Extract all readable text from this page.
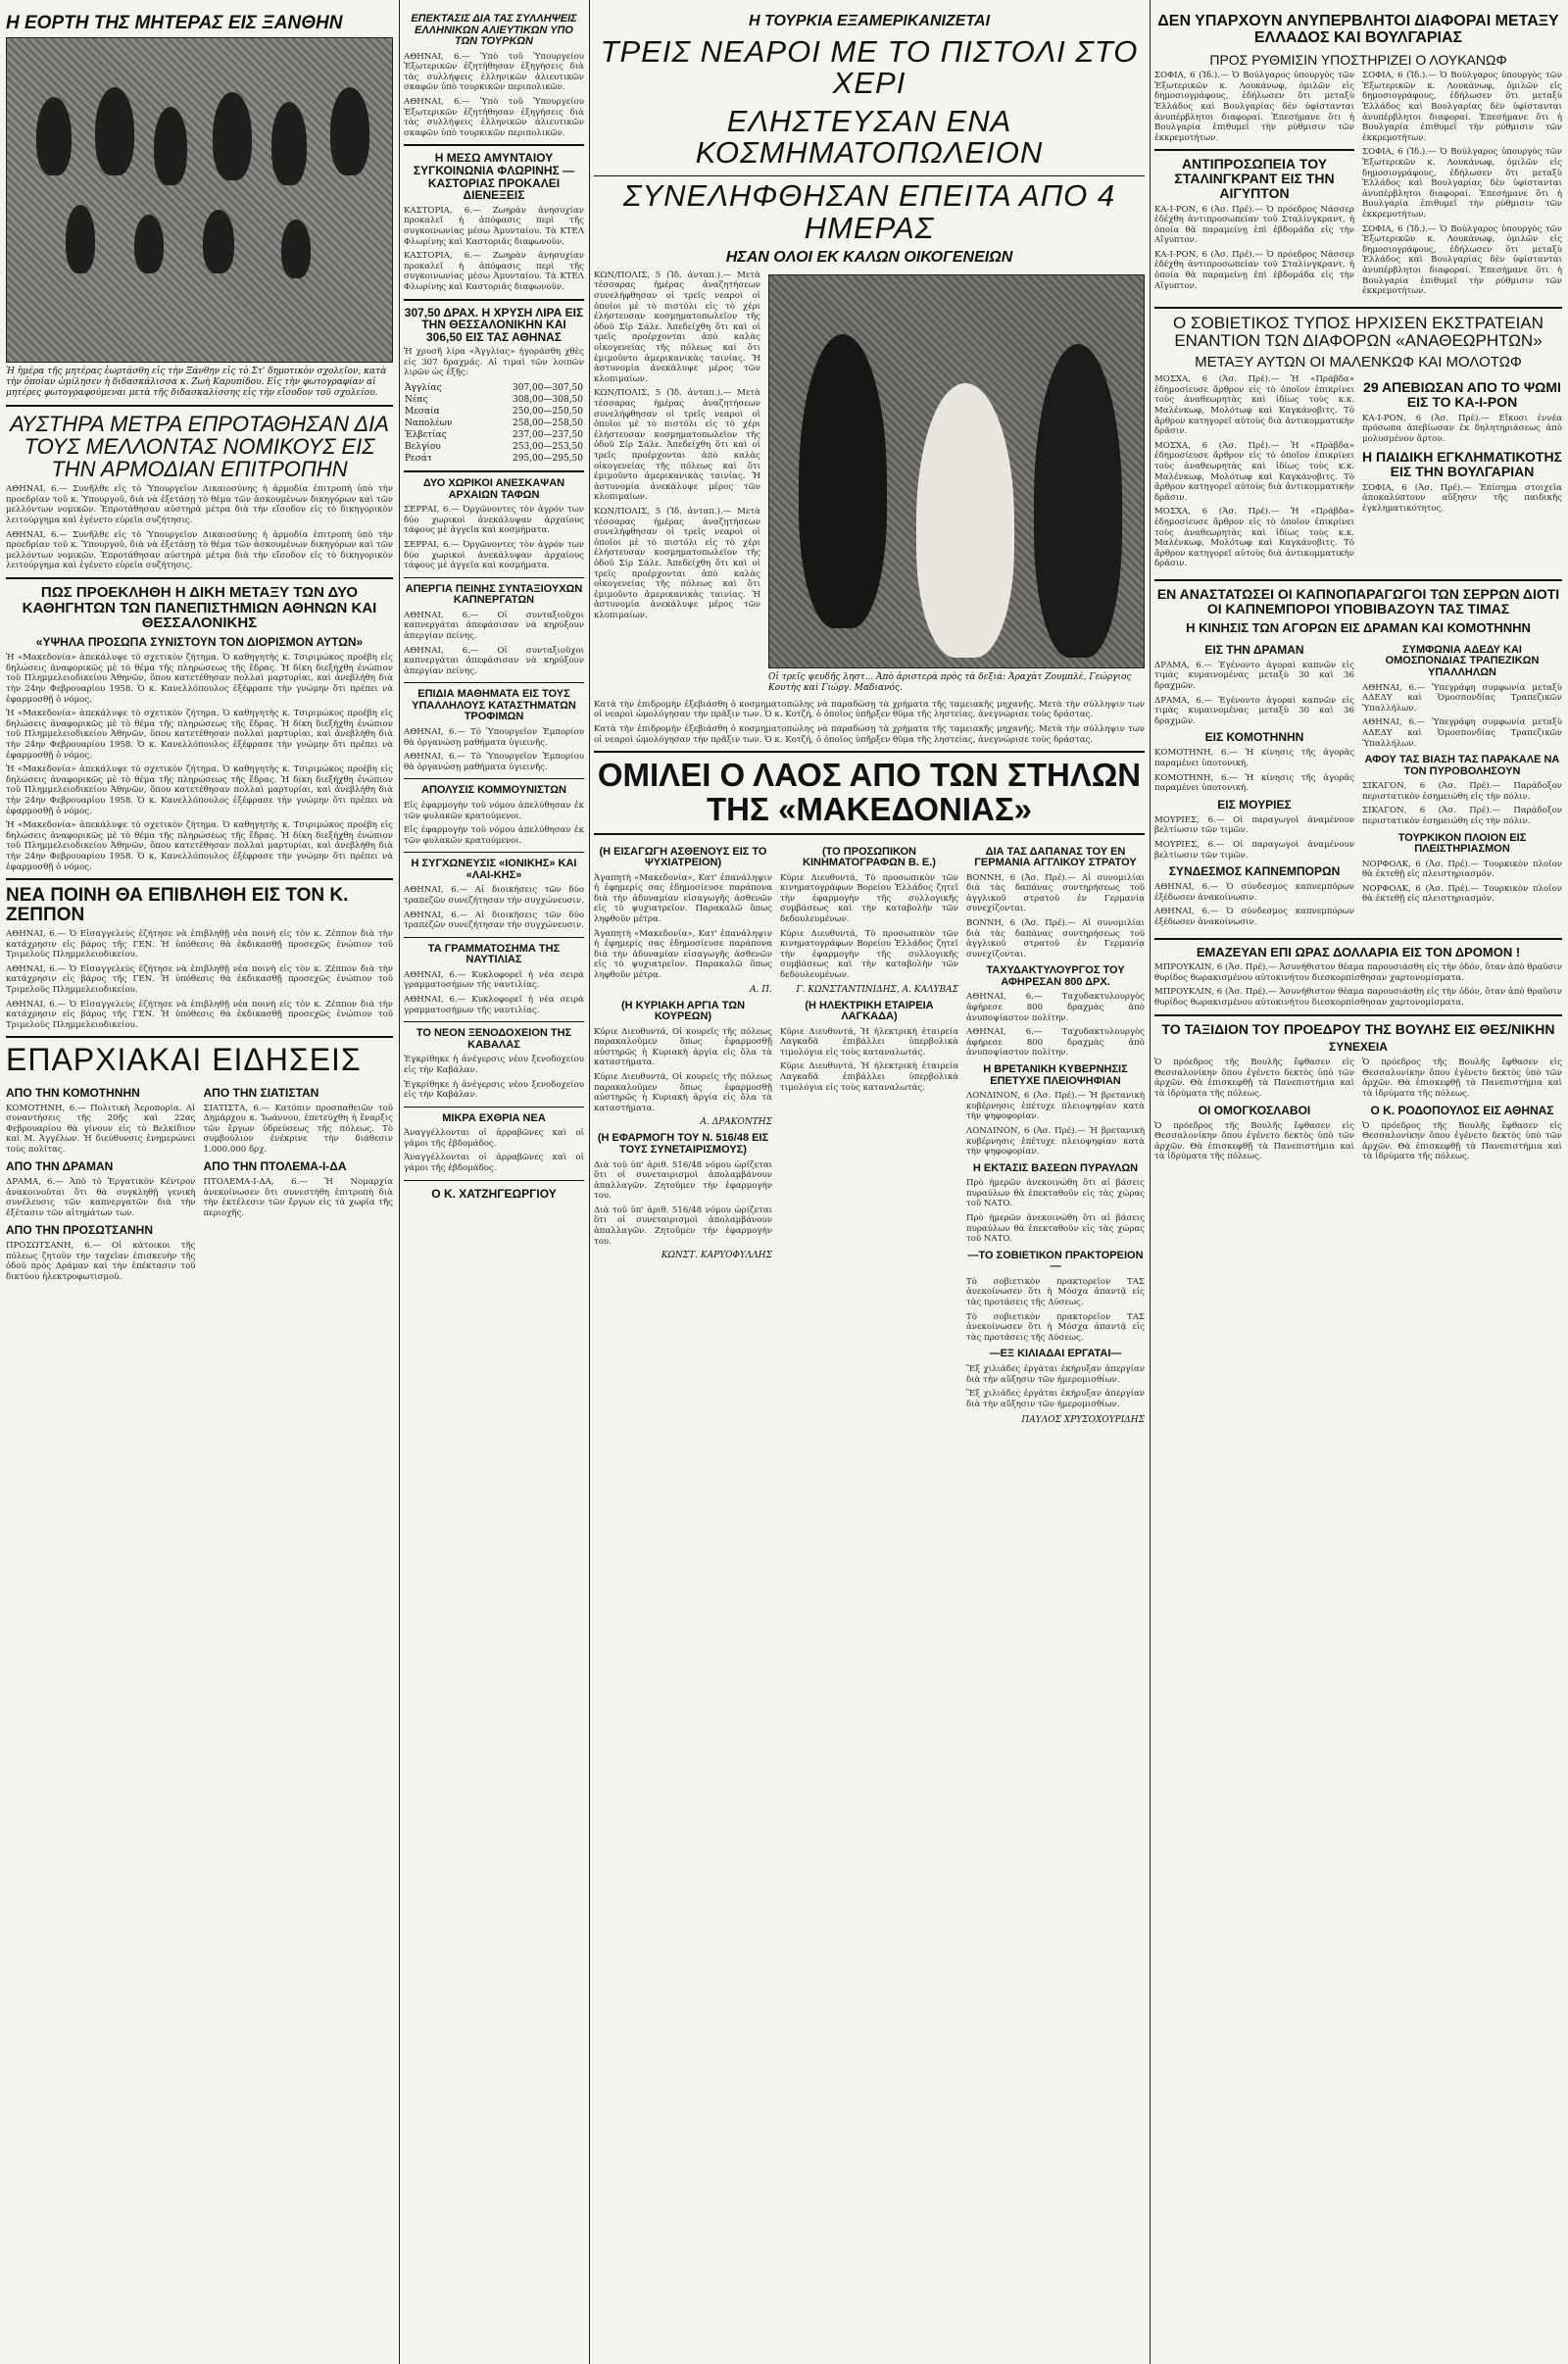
Η ΕΟΡΤΗ ΤΗΣ ΜΗΤΕΡΑΣ ΕΙΣ ΞΑΝΘΗΝ
Ἡ ἡμέρα τῆς μητέρας ἑωρτάσθη εἰς τὴν Ξάνθην εἰς τὸ Στ' δημοτικὸν σχολεῖον, κατὰ τὴν ὁποίαν ὡμίλησεν ἡ διδασκάλισσα κ. Ζωὴ Καρυπίδου. Εἰς τὴν φωτογραφίαν αἱ μητέρες φωτογραφούμεναι μετὰ τῆς διδασκαλίσσης εἰς τὴν εἴσοδον τοῦ σχολείου.
ΑΥΣΤΗΡΑ ΜΕΤΡΑ ΕΠΡΟΤΑΘΗΣΑΝ ΔΙΑ ΤΟΥΣ ΜΕΛΛΟΝΤΑΣ ΝΟΜΙΚΟΥΣ ΕΙΣ ΤΗΝ ΑΡΜΟΔΙΑΝ ΕΠΙΤΡΟΠΗΝ

ΑΘΗΝΑΙ, 6.— Συνῆλθε εἰς τὸ Ὑπουργεῖον Δικαιοσύνης ἡ ἀρμοδία ἐπιτροπὴ ὑπὸ τὴν προεδρίαν τοῦ κ. Ὑπουργοῦ, διὰ νὰ ἐξετάσῃ τὸ θέμα τῶν ἀσκουμένων δικηγόρων καὶ τῶν μελλόντων νομικῶν. Ἐπροτάθησαν αὐστηρὰ μέτρα διὰ τὴν εἴσοδον εἰς τὸ δικηγορικὸν λειτούργημα καὶ ἐγένετο εὐρεῖα συζήτησις.

ΑΘΗΝΑΙ, 6.— Συνῆλθε εἰς τὸ Ὑπουργεῖον Δικαιοσύνης ἡ ἀρμοδία ἐπιτροπὴ ὑπὸ τὴν προεδρίαν τοῦ κ. Ὑπουργοῦ, διὰ νὰ ἐξετάσῃ τὸ θέμα τῶν ἀσκουμένων δικηγόρων καὶ τῶν μελλόντων νομικῶν. Ἐπροτάθησαν αὐστηρὰ μέτρα διὰ τὴν εἴσοδον εἰς τὸ δικηγορικὸν λειτούργημα καὶ ἐγένετο εὐρεῖα συζήτησις.

ΠΩΣ ΠΡΟΕΚΛΗΘΗ Η ΔΙΚΗ ΜΕΤΑΞΥ ΤΩΝ ΔΥΟ ΚΑΘΗΓΗΤΩΝ ΤΩΝ ΠΑΝΕΠΙΣΤΗΜΙΩΝ ΑΘΗΝΩΝ ΚΑΙ ΘΕΣΣΑΛΟΝΙΚΗΣ
«ΥΨΗΛΑ ΠΡΟΣΩΠΑ ΣΥΝΙΣΤΟΥΝ ΤΟΝ ΔΙΟΡΙΣΜΟΝ ΑΥΤΩΝ»

Ἡ «Μακεδονία» ἀπεκάλυψε τὸ σχετικὸν ζήτημα. Ὁ καθηγητὴς κ. Τσιριμώκος προέβη εἰς δηλώσεις ἀναφορικῶς μὲ τὸ θέμα τῆς πληρώσεως τῆς ἕδρας. Ἡ δίκη διεξήχθη ἐνώπιον τοῦ Πλημμελειοδικείου Ἀθηνῶν, ὅπου κατετέθησαν πολλαὶ μαρτυρίαι, καὶ ἀνεβλήθη διὰ τὴν 24ην Φεβρουαρίου 1958. Ὁ κ. Κανελλόπουλος ἐξέφρασε τὴν γνώμην ὅτι πρέπει νὰ ἐφαρμοσθῇ ὁ νόμος.

Ἡ «Μακεδονία» ἀπεκάλυψε τὸ σχετικὸν ζήτημα. Ὁ καθηγητὴς κ. Τσιριμώκος προέβη εἰς δηλώσεις ἀναφορικῶς μὲ τὸ θέμα τῆς πληρώσεως τῆς ἕδρας. Ἡ δίκη διεξήχθη ἐνώπιον τοῦ Πλημμελειοδικείου Ἀθηνῶν, ὅπου κατετέθησαν πολλαὶ μαρτυρίαι, καὶ ἀνεβλήθη διὰ τὴν 24ην Φεβρουαρίου 1958. Ὁ κ. Κανελλόπουλος ἐξέφρασε τὴν γνώμην ὅτι πρέπει νὰ ἐφαρμοσθῇ ὁ νόμος.

Ἡ «Μακεδονία» ἀπεκάλυψε τὸ σχετικὸν ζήτημα. Ὁ καθηγητὴς κ. Τσιριμώκος προέβη εἰς δηλώσεις ἀναφορικῶς μὲ τὸ θέμα τῆς πληρώσεως τῆς ἕδρας. Ἡ δίκη διεξήχθη ἐνώπιον τοῦ Πλημμελειοδικείου Ἀθηνῶν, ὅπου κατετέθησαν πολλαὶ μαρτυρίαι, καὶ ἀνεβλήθη διὰ τὴν 24ην Φεβρουαρίου 1958. Ὁ κ. Κανελλόπουλος ἐξέφρασε τὴν γνώμην ὅτι πρέπει νὰ ἐφαρμοσθῇ ὁ νόμος.

Ἡ «Μακεδονία» ἀπεκάλυψε τὸ σχετικὸν ζήτημα. Ὁ καθηγητὴς κ. Τσιριμώκος προέβη εἰς δηλώσεις ἀναφορικῶς μὲ τὸ θέμα τῆς πληρώσεως τῆς ἕδρας. Ἡ δίκη διεξήχθη ἐνώπιον τοῦ Πλημμελειοδικείου Ἀθηνῶν, ὅπου κατετέθησαν πολλαὶ μαρτυρίαι, καὶ ἀνεβλήθη διὰ τὴν 24ην Φεβρουαρίου 1958. Ὁ κ. Κανελλόπουλος ἐξέφρασε τὴν γνώμην ὅτι πρέπει νὰ ἐφαρμοσθῇ ὁ νόμος.

ΝΕΑ ΠΟΙΝΗ ΘΑ ΕΠΙΒΛΗΘΗ ΕΙΣ ΤΟΝ Κ. ΖΕΠΠΟΝ

ΑΘΗΝΑΙ, 6.— Ὁ Εἰσαγγελεὺς ἐζήτησε νὰ ἐπιβληθῇ νέα ποινὴ εἰς τὸν κ. Ζέππον διὰ τὴν κατάχρησιν εἰς βάρος τῆς ΓΕΝ. Ἡ ὑπόθεσις θὰ ἐκδικασθῇ προσεχῶς ἐνώπιον τοῦ Τριμελοῦς Πλημμελειοδικείου.

ΑΘΗΝΑΙ, 6.— Ὁ Εἰσαγγελεὺς ἐζήτησε νὰ ἐπιβληθῇ νέα ποινὴ εἰς τὸν κ. Ζέππον διὰ τὴν κατάχρησιν εἰς βάρος τῆς ΓΕΝ. Ἡ ὑπόθεσις θὰ ἐκδικασθῇ προσεχῶς ἐνώπιον τοῦ Τριμελοῦς Πλημμελειοδικείου.

ΑΘΗΝΑΙ, 6.— Ὁ Εἰσαγγελεὺς ἐζήτησε νὰ ἐπιβληθῇ νέα ποινὴ εἰς τὸν κ. Ζέππον διὰ τὴν κατάχρησιν εἰς βάρος τῆς ΓΕΝ. Ἡ ὑπόθεσις θὰ ἐκδικασθῇ προσεχῶς ἐνώπιον τοῦ Τριμελοῦς Πλημμελειοδικείου.

ΕΠΑΡΧΙΑΚΑΙ ΕΙΔΗΣΕΙΣ
ΑΠΟ ΤΗΝ ΚΟΜΟΤΗΝΗΝ

ΚΟΜΟΤΗΝΗ, 6.— Πολιτικὴ Ἀεροπορία. Αἱ συναντήσεις τῆς 20ῆς καὶ 22ας Φεβρουαρίου θὰ γίνουν εἰς τὸ Βελκίδιον καὶ Μ. Ἀγγέλων. Ἡ διεύθυνσις ἐνημερώνει τοὺς πολίτας.

ΑΠΟ ΤΗΝ ΔΡΑΜΑΝ

ΔΡΑΜΑ, 6.— Ἀπὸ τὸ Ἐργατικὸν Κέντρον ἀνακοινοῦται ὅτι θὰ συγκληθῇ γενικὴ συνέλευσις τῶν καπνεργατῶν διὰ τὴν ἐξέτασιν τῶν αἰτημάτων των.

ΑΠΟ ΤΗΝ ΠΡΟΣΩΤΣΑΝΗΝ

ΠΡΟΣΩΤΣΑΝΗ, 6.— Οἱ κάτοικοι τῆς πόλεως ζητοῦν τὴν ταχεῖαν ἐπισκευὴν τῆς ὁδοῦ πρὸς Δράμαν καὶ τὴν ἐπέκτασιν τοῦ δικτύου ἠλεκτροφωτισμοῦ.

ΑΠΟ ΤΗΝ ΣΙΑΤΙΣΤΑΝ

ΣΙΑΤΙΣΤΑ, 6.— Κατόπιν προσπαθειῶν τοῦ Δημάρχου κ. Ἰωάννου, ἐπετεύχθη ἡ ἔναρξις τῶν ἔργων ὑδρεύσεως τῆς πόλεως. Τὸ συμβούλιον ἐνέκρινε τὴν διάθεσιν 1.000.000 δρχ.

ΑΠΟ ΤΗΝ ΠΤΟΛΕΜΑ-Ι-ΔΑ

ΠΤΟΛΕΜΑ-Ι-ΔΑ, 6.— Ἡ Νομαρχία ἀνεκοίνωσεν ὅτι συνεστήθη ἐπιτροπὴ διὰ τὴν ἐκτέλεσιν τῶν ἔργων εἰς τὰ χωρία τῆς περιοχῆς.

ΕΠΕΚΤΑΣΙΣ ΔΙΑ ΤΑΣ ΣΥΛΛΗΨΕΙΣ ΕΛΛΗΝΙΚΩΝ ΑΛΙΕΥΤΙΚΩΝ ΥΠΟ ΤΩΝ ΤΟΥΡΚΩΝ

ΑΘΗΝΑΙ, 6.— Ὑπὸ τοῦ Ὑπουργείου Ἐξωτερικῶν ἐζητήθησαν ἐξηγήσεις διὰ τὰς συλλήψεις ἑλληνικῶν ἀλιευτικῶν σκαφῶν ὑπὸ τουρκικῶν περιπολικῶν.

ΑΘΗΝΑΙ, 6.— Ὑπὸ τοῦ Ὑπουργείου Ἐξωτερικῶν ἐζητήθησαν ἐξηγήσεις διὰ τὰς συλλήψεις ἑλληνικῶν ἀλιευτικῶν σκαφῶν ὑπὸ τουρκικῶν περιπολικῶν.

Η ΜΕΣΩ ΑΜΥΝΤΑΙΟΥ ΣΥΓΚΟΙΝΩΝΙΑ ΦΛΩΡΙΝΗΣ — ΚΑΣΤΟΡΙΑΣ ΠΡΟΚΑΛΕΙ ΔΙΕΝΕΞΕΙΣ

ΚΑΣΤΟΡΙΑ, 6.— Ζωηρὰν ἀνησυχίαν προκαλεῖ ἡ ἀπόφασις περὶ τῆς συγκοινωνίας μέσω Ἀμυνταίου. Τὰ ΚΤΕΛ Φλωρίνης καὶ Καστοριᾶς διαφωνοῦν.

ΚΑΣΤΟΡΙΑ, 6.— Ζωηρὰν ἀνησυχίαν προκαλεῖ ἡ ἀπόφασις περὶ τῆς συγκοινωνίας μέσω Ἀμυνταίου. Τὰ ΚΤΕΛ Φλωρίνης καὶ Καστοριᾶς διαφωνοῦν.

307,50 ΔΡΑΧ. Η ΧΡΥΣΗ ΛΙΡΑ ΕΙΣ ΤΗΝ ΘΕΣΣΑΛΟΝΙΚΗΝ ΚΑΙ 306,50 ΕΙΣ ΤΑΣ ΑΘΗΝΑΣ

Ἡ χρυσῆ λίρα «Ἀγγλίας» ἠγοράσθη χθὲς εἰς 307 δραχμάς. Αἱ τιμαὶ τῶν λοιπῶν λιρῶν ὡς ἑξῆς:

Ἀγγλίας	307,00—307,50
Νέας	308,00—308,50
Μεσαία	250,00—250,50
Ναπολέων	258,00—258,50
Ἑλβετίας	237,00—237,50
Βελγίου	253,00—253,50
Ρεσάτ	295,00—295,50
ΔΥΟ ΧΩΡΙΚΟΙ ΑΝΕΣΚΑΨΑΝ ΑΡΧΑΙΩΝ ΤΑΦΩΝ

ΣΕΡΡΑΙ, 6.— Ὀργῶνοντες τὸν ἀγρόν των δύο χωρικοὶ ἀνεκάλυψαν ἀρχαίους τάφους μὲ ἀγγεῖα καὶ κοσμήματα.

ΣΕΡΡΑΙ, 6.— Ὀργῶνοντες τὸν ἀγρόν των δύο χωρικοὶ ἀνεκάλυψαν ἀρχαίους τάφους μὲ ἀγγεῖα καὶ κοσμήματα.

ΑΠΕΡΓΙΑ ΠΕΙΝΗΣ ΣΥΝΤΑΞΙΟΥΧΩΝ ΚΑΠΝΕΡΓΑΤΩΝ

ΑΘΗΝΑΙ, 6.— Οἱ συνταξιοῦχοι καπνεργάται ἀπεφάσισαν νὰ κηρύξουν ἀπεργίαν πείνης.

ΑΘΗΝΑΙ, 6.— Οἱ συνταξιοῦχοι καπνεργάται ἀπεφάσισαν νὰ κηρύξουν ἀπεργίαν πείνης.

ΕΠΙΔΙΑ ΜΑΘΗΜΑΤΑ ΕΙΣ ΤΟΥΣ ΥΠΑΛΛΗΛΟΥΣ ΚΑΤΑΣΤΗΜΑΤΩΝ ΤΡΟΦΙΜΩΝ

ΑΘΗΝΑΙ, 6.— Τὸ Ὑπουργεῖον Ἐμπορίου θὰ ὀργανώσῃ μαθήματα ὑγιεινῆς.

ΑΘΗΝΑΙ, 6.— Τὸ Ὑπουργεῖον Ἐμπορίου θὰ ὀργανώσῃ μαθήματα ὑγιεινῆς.

ΑΠΟΛΥΣΙΣ ΚΟΜΜΟΥΝΙΣΤΩΝ

Εἰς ἐφαρμογὴν τοῦ νόμου ἀπελύθησαν ἐκ τῶν φυλακῶν κρατούμενοι.

Εἰς ἐφαρμογὴν τοῦ νόμου ἀπελύθησαν ἐκ τῶν φυλακῶν κρατούμενοι.

Η ΣΥΓΧΩΝΕΥΣΙΣ «ΙΟΝΙΚΗΣ» ΚΑΙ «ΛΑΙ-ΚΗΣ»

ΑΘΗΝΑΙ, 6.— Αἱ διοικήσεις τῶν δύο τραπεζῶν συνεζήτησαν τὴν συγχώνευσιν.

ΑΘΗΝΑΙ, 6.— Αἱ διοικήσεις τῶν δύο τραπεζῶν συνεζήτησαν τὴν συγχώνευσιν.

ΤΑ ΓΡΑΜΜΑΤΟΣΗΜΑ ΤΗΣ ΝΑΥΤΙΛΙΑΣ

ΑΘΗΝΑΙ, 6.— Κυκλοφορεῖ ἡ νέα σειρὰ γραμματοσήμων τῆς ναυτιλίας.

ΑΘΗΝΑΙ, 6.— Κυκλοφορεῖ ἡ νέα σειρὰ γραμματοσήμων τῆς ναυτιλίας.

ΤΟ ΝΕΟΝ ΞΕΝΟΔΟΧΕΙΟΝ ΤΗΣ ΚΑΒΑΛΑΣ

Ἐγκρίθηκε ἡ ἀνέγερσις νέου ξενοδοχείου εἰς τὴν Καβάλαν.

Ἐγκρίθηκε ἡ ἀνέγερσις νέου ξενοδοχείου εἰς τὴν Καβάλαν.

ΜΙΚΡΑ ΕΧΘΡΙΑ ΝΕΑ

Ἀναγγέλλονται οἱ ἀρραβῶνες καὶ οἱ γάμοι τῆς ἑβδομάδος.

Ἀναγγέλλονται οἱ ἀρραβῶνες καὶ οἱ γάμοι τῆς ἑβδομάδος.

Ο Κ. ΧΑΤΖΗΓΕΩΡΓΙΟΥ
Η ΤΟΥΡΚΙΑ ΕΞΑΜΕΡΙΚΑΝΙΖΕΤΑΙ
ΤΡΕΙΣ ΝΕΑΡΟΙ ΜΕ ΤΟ ΠΙΣΤΟΛΙ ΣΤΟ ΧΕΡΙ
ΕΛΗΣΤΕΥΣΑΝ ΕΝΑ ΚΟΣΜΗΜΑΤΟΠΩΛΕΙΟΝ
ΣΥΝΕΛΗΦΘΗΣΑΝ ΕΠΕΙΤΑ ΑΠΟ 4 ΗΜΕΡΑΣ
ΗΣΑΝ ΟΛΟΙ ΕΚ ΚΑΛΩΝ ΟΙΚΟΓΕΝΕΙΩΝ

ΚΩΝ/ΠΟΛΙΣ, 5 (Ἰδ. ἀνταπ.).— Μετὰ τέσσαρας ἡμέρας ἀναζητήσεων συνελήφθησαν οἱ τρεῖς νεαροὶ οἱ ὁποῖοι μὲ τὸ πιστόλι εἰς τὸ χέρι ἐλήστευσαν κοσμηματοπωλεῖον τῆς ὁδοῦ Σίρ Σάλε. Ἀπεδείχθη ὅτι καὶ οἱ τρεῖς προέρχονται ἀπὸ καλὰς οἰκογενείας τῆς πόλεως καὶ ὅτι ἐμιμοῦντο ἀμερικανικὰς ταινίας. Ἡ ἀστυνομία ἀνεκάλυψε μέρος τῶν κλοπιμαίων.

ΚΩΝ/ΠΟΛΙΣ, 5 (Ἰδ. ἀνταπ.).— Μετὰ τέσσαρας ἡμέρας ἀναζητήσεων συνελήφθησαν οἱ τρεῖς νεαροὶ οἱ ὁποῖοι μὲ τὸ πιστόλι εἰς τὸ χέρι ἐλήστευσαν κοσμηματοπωλεῖον τῆς ὁδοῦ Σίρ Σάλε. Ἀπεδείχθη ὅτι καὶ οἱ τρεῖς προέρχονται ἀπὸ καλὰς οἰκογενείας τῆς πόλεως καὶ ὅτι ἐμιμοῦντο ἀμερικανικὰς ταινίας. Ἡ ἀστυνομία ἀνεκάλυψε μέρος τῶν κλοπιμαίων.

ΚΩΝ/ΠΟΛΙΣ, 5 (Ἰδ. ἀνταπ.).— Μετὰ τέσσαρας ἡμέρας ἀναζητήσεων συνελήφθησαν οἱ τρεῖς νεαροὶ οἱ ὁποῖοι μὲ τὸ πιστόλι εἰς τὸ χέρι ἐλήστευσαν κοσμηματοπωλεῖον τῆς ὁδοῦ Σίρ Σάλε. Ἀπεδείχθη ὅτι καὶ οἱ τρεῖς προέρχονται ἀπὸ καλὰς οἰκογενείας τῆς πόλεως καὶ ὅτι ἐμιμοῦντο ἀμερικανικὰς ταινίας. Ἡ ἀστυνομία ἀνεκάλυψε μέρος τῶν κλοπιμαίων.

Οἱ τρεῖς ψευδῆς ληστ... Ἀπὸ ἀριστερὰ πρὸς τὰ δεξιά: Ἀραχὰτ Ζουμπλὲ, Γεώργιος Κουτὴς καὶ Γιώργ. Μαδιανός.

Κατὰ τὴν ἐπιδρομὴν ἐξεβιάσθη ὁ κοσμηματοπώλης νὰ παραδώσῃ τὰ χρήματα τῆς ταμειακῆς μηχανῆς. Μετὰ τὴν σύλληψιν των οἱ νεαροὶ ὡμολόγησαν τὴν πρᾶξιν των. Ὁ κ. Κοτζή, ὁ ὁποῖος ὑπῆρξεν θῦμα τῆς ληστείας, ἀνεγνώρισε τοὺς δράστας.

Κατὰ τὴν ἐπιδρομὴν ἐξεβιάσθη ὁ κοσμηματοπώλης νὰ παραδώσῃ τὰ χρήματα τῆς ταμειακῆς μηχανῆς. Μετὰ τὴν σύλληψιν των οἱ νεαροὶ ὡμολόγησαν τὴν πρᾶξιν των. Ὁ κ. Κοτζή, ὁ ὁποῖος ὑπῆρξεν θῦμα τῆς ληστείας, ἀνεγνώρισε τοὺς δράστας.

ΟΜΙΛΕΙ Ο ΛΑΟΣ ΑΠΟ ΤΩΝ ΣΤΗΛΩΝ ΤΗΣ «ΜΑΚΕΔΟΝΙΑΣ»
(Η ΕΙΣΑΓΩΓΗ ΑΣΘΕΝΟΥΣ ΕΙΣ ΤΟ ΨΥΧΙΑΤΡΕΙΟΝ)

Ἀγαπητὴ «Μακεδονία», Κατ' ἐπανάληψιν ἡ ἐφημερίς σας ἐδημοσίευσε παράπονα διὰ τὴν ἀδυναμίαν εἰσαγωγῆς ἀσθενῶν εἰς τὸ ψυχιατρεῖον. Παρακαλῶ ὅπως ληφθοῦν μέτρα.

Ἀγαπητὴ «Μακεδονία», Κατ' ἐπανάληψιν ἡ ἐφημερίς σας ἐδημοσίευσε παράπονα διὰ τὴν ἀδυναμίαν εἰσαγωγῆς ἀσθενῶν εἰς τὸ ψυχιατρεῖον. Παρακαλῶ ὅπως ληφθοῦν μέτρα.

Α. Π.
(Η ΚΥΡΙΑΚΗ ΑΡΓΙΑ ΤΩΝ ΚΟΥΡΕΩΝ)

Κύριε Διευθυντά, Οἱ κουρεῖς τῆς πόλεως παρακαλοῦμεν ὅπως ἐφαρμοσθῇ αὐστηρῶς ἡ Κυριακὴ ἀργία εἰς ὅλα τὰ καταστήματα.

Κύριε Διευθυντά, Οἱ κουρεῖς τῆς πόλεως παρακαλοῦμεν ὅπως ἐφαρμοσθῇ αὐστηρῶς ἡ Κυριακὴ ἀργία εἰς ὅλα τὰ καταστήματα.

Α. ΔΡΑΚΟΝΤΗΣ
(Η ΕΦΑΡΜΟΓΗ ΤΟΥ Ν. 516/48 ΕΙΣ ΤΟΥΣ ΣΥΝΕΤΑΙΡΙΣΜΟΥΣ)

Διὰ τοῦ ὑπ' ἀριθ. 516/48 νόμου ὡρίζεται ὅτι οἱ συνεταιρισμοὶ ἀπολαμβάνουν ἀπαλλαγῶν. Ζητοῦμεν τὴν ἐφαρμογήν του.

Διὰ τοῦ ὑπ' ἀριθ. 516/48 νόμου ὡρίζεται ὅτι οἱ συνεταιρισμοὶ ἀπολαμβάνουν ἀπαλλαγῶν. Ζητοῦμεν τὴν ἐφαρμογήν του.

ΚΩΝΣΤ. ΚΑΡΥΟΦΥΛΛΗΣ
(ΤΟ ΠΡΟΣΩΠΙΚΟΝ ΚΙΝΗΜΑΤΟΓΡΑΦΩΝ Β. Ε.)

Κύριε Διευθυντά, Τὸ προσωπικὸν τῶν κινηματογράφων Βορείου Ἑλλάδος ζητεῖ τὴν ἐφαρμογὴν τῆς συλλογικῆς συμβάσεως καὶ τὴν καταβολὴν τῶν δεδουλευμένων.

Κύριε Διευθυντά, Τὸ προσωπικὸν τῶν κινηματογράφων Βορείου Ἑλλάδος ζητεῖ τὴν ἐφαρμογὴν τῆς συλλογικῆς συμβάσεως καὶ τὴν καταβολὴν τῶν δεδουλευμένων.

Γ. ΚΩΝΣΤΑΝΤΙΝΙΔΗΣ, Α. ΚΑΛΥΒΑΣ
(Η ΗΛΕΚΤΡΙΚΗ ΕΤΑΙΡΕΙΑ ΛΑΓΚΑΔΑ)

Κύριε Διευθυντά, Ἡ ἡλεκτρικὴ ἑταιρεία Λαγκαδᾶ ἐπιβάλλει ὑπερβολικὰ τιμολόγια εἰς τοὺς καταναλωτάς.

Κύριε Διευθυντά, Ἡ ἡλεκτρικὴ ἑταιρεία Λαγκαδᾶ ἐπιβάλλει ὑπερβολικὰ τιμολόγια εἰς τοὺς καταναλωτάς.

ΔΙΑ ΤΑΣ ΔΑΠΑΝΑΣ ΤΟΥ ΕΝ ΓΕΡΜΑΝΙΑ ΑΓΓΛΙΚΟΥ ΣΤΡΑΤΟΥ

ΒΟΝΝΗ, 6 (Ἀσ. Πρέ).— Αἱ συνομιλίαι διὰ τὰς δαπάνας συντηρήσεως τοῦ ἀγγλικοῦ στρατοῦ ἐν Γερμανίᾳ συνεχίζονται.

ΒΟΝΝΗ, 6 (Ἀσ. Πρέ).— Αἱ συνομιλίαι διὰ τὰς δαπάνας συντηρήσεως τοῦ ἀγγλικοῦ στρατοῦ ἐν Γερμανίᾳ συνεχίζονται.

ΤΑΧΥΔΑΚΤΥΛΟΥΡΓΟΣ ΤΟΥ ΑΦΗΡΕΣΑΝ 800 ΔΡΧ.

ΑΘΗΝΑΙ, 6.— Ταχυδακτυλουργὸς ἀφήρεσε 800 δραχμὰς ἀπὸ ἀνυποψίαστον πολίτην.

ΑΘΗΝΑΙ, 6.— Ταχυδακτυλουργὸς ἀφήρεσε 800 δραχμὰς ἀπὸ ἀνυποψίαστον πολίτην.

Η ΒΡΕΤΑΝΙΚΗ ΚΥΒΕΡΝΗΣΙΣ ΕΠΕΤΥΧΕ ΠΛΕΙΟΨΗΦΙΑΝ

ΛΟΝΔΙΝΟΝ, 6 (Ἀσ. Πρέ).— Ἡ βρετανικὴ κυβέρνησις ἐπέτυχε πλειοψηφίαν κατὰ τὴν ψηφοφορίαν.

ΛΟΝΔΙΝΟΝ, 6 (Ἀσ. Πρέ).— Ἡ βρετανικὴ κυβέρνησις ἐπέτυχε πλειοψηφίαν κατὰ τὴν ψηφοφορίαν.

Η ΕΚΤΑΣΙΣ ΒΑΣΕΩΝ ΠΥΡΑΥΛΩΝ

Πρὸ ἡμερῶν ἀνεκοινώθη ὅτι αἱ βάσεις πυραύλων θὰ ἐπεκταθοῦν εἰς τὰς χώρας τοῦ ΝΑΤΟ.

Πρὸ ἡμερῶν ἀνεκοινώθη ὅτι αἱ βάσεις πυραύλων θὰ ἐπεκταθοῦν εἰς τὰς χώρας τοῦ ΝΑΤΟ.

—ΤΟ ΣΟΒΙΕΤΙΚΟΝ ΠΡΑΚΤΟΡΕΙΟΝ—

Τὸ σοβιετικὸν πρακτορεῖον ΤΑΣ ἀνεκοίνωσεν ὅτι ἡ Μόσχα ἀπαντᾷ εἰς τὰς προτάσεις τῆς Δύσεως.

Τὸ σοβιετικὸν πρακτορεῖον ΤΑΣ ἀνεκοίνωσεν ὅτι ἡ Μόσχα ἀπαντᾷ εἰς τὰς προτάσεις τῆς Δύσεως.

—ΕΞ ΚΙΛΙΑΔΑΙ ΕΡΓΑΤΑΙ—

Ἓξ χιλιάδες ἐργάται ἐκήρυξαν ἀπεργίαν διὰ τὴν αὔξησιν τῶν ἡμερομισθίων.

Ἓξ χιλιάδες ἐργάται ἐκήρυξαν ἀπεργίαν διὰ τὴν αὔξησιν τῶν ἡμερομισθίων.

ΠΑΥΛΟΣ ΧΡΥΣΟΧΟΥΡΙΔΗΣ
ΔΕΝ ΥΠΑΡΧΟΥΝ ΑΝΥΠΕΡΒΛΗΤΟΙ ΔΙΑΦΟΡΑΙ ΜΕΤΑΞΥ ΕΛΛΑΔΟΣ ΚΑΙ ΒΟΥΛΓΑΡΙΑΣ
ΠΡΟΣ ΡΥΘΜΙΣΙΝ ΥΠΟΣΤΗΡΙΖΕΙ Ο ΛΟΥΚΑΝΩΦ

ΣΟΦΙΑ, 6 (Ἰδ.).— Ὁ Βούλγαρος ὑπουργὸς τῶν Ἐξωτερικῶν κ. Λουκάνωφ, ὁμιλῶν εἰς δημοσιογράφους, ἐδήλωσεν ὅτι μεταξὺ Ἑλλάδος καὶ Βουλγαρίας δὲν ὑφίστανται ἀνυπέρβλητοι διαφοραί. Ἐπεσήμανε ὅτι ἡ Βουλγαρία ἐπιθυμεῖ τὴν ρύθμισιν τῶν ἐκκρεμοτήτων.

ΑΝΤΙΠΡΟΣΩΠΕΙΑ ΤΟΥ ΣΤΑΛΙΝΓΚΡΑΝΤ ΕΙΣ ΤΗΝ ΑΙΓΥΠΤΟΝ

ΚΑ-Ι-ΡΟΝ, 6 (Ἀσ. Πρέ).— Ὁ πρόεδρος Νάσσερ ἐδέχθη ἀντιπροσωπείαν τοῦ Σταλίνγκραντ, ἡ ὁποία θὰ παραμείνῃ ἐπὶ ἑβδομάδα εἰς τὴν Αἴγυπτον.

ΚΑ-Ι-ΡΟΝ, 6 (Ἀσ. Πρέ).— Ὁ πρόεδρος Νάσσερ ἐδέχθη ἀντιπροσωπείαν τοῦ Σταλίνγκραντ, ἡ ὁποία θὰ παραμείνῃ ἐπὶ ἑβδομάδα εἰς τὴν Αἴγυπτον.

ΣΟΦΙΑ, 6 (Ἰδ.).— Ὁ Βούλγαρος ὑπουργὸς τῶν Ἐξωτερικῶν κ. Λουκάνωφ, ὁμιλῶν εἰς δημοσιογράφους, ἐδήλωσεν ὅτι μεταξὺ Ἑλλάδος καὶ Βουλγαρίας δὲν ὑφίστανται ἀνυπέρβλητοι διαφοραί. Ἐπεσήμανε ὅτι ἡ Βουλγαρία ἐπιθυμεῖ τὴν ρύθμισιν τῶν ἐκκρεμοτήτων.

ΣΟΦΙΑ, 6 (Ἰδ.).— Ὁ Βούλγαρος ὑπουργὸς τῶν Ἐξωτερικῶν κ. Λουκάνωφ, ὁμιλῶν εἰς δημοσιογράφους, ἐδήλωσεν ὅτι μεταξὺ Ἑλλάδος καὶ Βουλγαρίας δὲν ὑφίστανται ἀνυπέρβλητοι διαφοραί. Ἐπεσήμανε ὅτι ἡ Βουλγαρία ἐπιθυμεῖ τὴν ρύθμισιν τῶν ἐκκρεμοτήτων.

ΣΟΦΙΑ, 6 (Ἰδ.).— Ὁ Βούλγαρος ὑπουργὸς τῶν Ἐξωτερικῶν κ. Λουκάνωφ, ὁμιλῶν εἰς δημοσιογράφους, ἐδήλωσεν ὅτι μεταξὺ Ἑλλάδος καὶ Βουλγαρίας δὲν ὑφίστανται ἀνυπέρβλητοι διαφοραί. Ἐπεσήμανε ὅτι ἡ Βουλγαρία ἐπιθυμεῖ τὴν ρύθμισιν τῶν ἐκκρεμοτήτων.

Ο ΣΟΒΙΕΤΙΚΟΣ ΤΥΠΟΣ ΗΡΧΙΣΕΝ ΕΚΣΤΡΑΤΕΙΑΝ ΕΝΑΝΤΙΟΝ ΤΩΝ ΔΙΑΦΟΡΩΝ «ΑΝΑΘΕΩΡΗΤΩΝ»
ΜΕΤΑΞΥ ΑΥΤΩΝ ΟΙ ΜΑΛΕΝΚΩΦ ΚΑΙ ΜΟΛΟΤΩΦ

ΜΟΣΧΑ, 6 (Ἀσ. Πρέ).— Ἡ «Πράβδα» ἐδημοσίευσε ἄρθρον εἰς τὸ ὁποῖον ἐπικρίνει τοὺς ἀναθεωρητὰς καὶ ἰδίως τοὺς κ.κ. Μαλένκωφ, Μολότωφ καὶ Καγκάνοβιτς. Τὸ ἄρθρον κατηγορεῖ αὐτοὺς διὰ ἀντικομματικὴν δρᾶσιν.

ΜΟΣΧΑ, 6 (Ἀσ. Πρέ).— Ἡ «Πράβδα» ἐδημοσίευσε ἄρθρον εἰς τὸ ὁποῖον ἐπικρίνει τοὺς ἀναθεωρητὰς καὶ ἰδίως τοὺς κ.κ. Μαλένκωφ, Μολότωφ καὶ Καγκάνοβιτς. Τὸ ἄρθρον κατηγορεῖ αὐτοὺς διὰ ἀντικομματικὴν δρᾶσιν.

ΜΟΣΧΑ, 6 (Ἀσ. Πρέ).— Ἡ «Πράβδα» ἐδημοσίευσε ἄρθρον εἰς τὸ ὁποῖον ἐπικρίνει τοὺς ἀναθεωρητὰς καὶ ἰδίως τοὺς κ.κ. Μαλένκωφ, Μολότωφ καὶ Καγκάνοβιτς. Τὸ ἄρθρον κατηγορεῖ αὐτοὺς διὰ ἀντικομματικὴν δρᾶσιν.

29 ΑΠΕΒΙΩΣΑΝ ΑΠΟ ΤΟ ΨΩΜΙ ΕΙΣ ΤΟ ΚΑ-Ι-ΡΟΝ

ΚΑ-Ι-ΡΟΝ, 6 (Ἀσ. Πρέ).— Εἴκοσι ἐννέα πρόσωπα ἀπεβίωσαν ἐκ δηλητηριάσεως ἀπὸ μολυσμένον ἄρτον.

Η ΠΑΙΔΙΚΗ ΕΓΚΛΗΜΑΤΙΚΟΤΗΣ ΕΙΣ ΤΗΝ ΒΟΥΛΓΑΡΙΑΝ

ΣΟΦΙΑ, 6 (Ἀσ. Πρέ).— Ἐπίσημα στοιχεῖα ἀποκαλύπτουν αὔξησιν τῆς παιδικῆς ἐγκληματικότητος.

ΕΝ ΑΝΑΣΤΑΤΩΣΕΙ ΟΙ ΚΑΠΝΟΠΑΡΑΓΩΓΟΙ ΤΩΝ ΣΕΡΡΩΝ ΔΙΟΤΙ ΟΙ ΚΑΠΝΕΜΠΟΡΟΙ ΥΠΟΒΙΒΑΖΟΥΝ ΤΑΣ ΤΙΜΑΣ
Η ΚΙΝΗΣΙΣ ΤΩΝ ΑΓΟΡΩΝ ΕΙΣ ΔΡΑΜΑΝ ΚΑΙ ΚΟΜΟΤΗΝΗΝ
ΕΙΣ ΤΗΝ ΔΡΑΜΑΝ

ΔΡΑΜΑ, 6.— Ἐγένοντο ἀγοραὶ καπνῶν εἰς τιμὰς κυμαινομένας μεταξὺ 30 καὶ 36 δραχμῶν.

ΔΡΑΜΑ, 6.— Ἐγένοντο ἀγοραὶ καπνῶν εἰς τιμὰς κυμαινομένας μεταξὺ 30 καὶ 36 δραχμῶν.

ΕΙΣ ΚΟΜΟΤΗΝΗΝ

ΚΟΜΟΤΗΝΗ, 6.— Ἡ κίνησις τῆς ἀγορᾶς παραμένει ὑποτονική.

ΚΟΜΟΤΗΝΗ, 6.— Ἡ κίνησις τῆς ἀγορᾶς παραμένει ὑποτονική.

ΕΙΣ ΜΟΥΡΙΕΣ

ΜΟΥΡΙΕΣ, 6.— Οἱ παραγωγοὶ ἀναμένουν βελτίωσιν τῶν τιμῶν.

ΜΟΥΡΙΕΣ, 6.— Οἱ παραγωγοὶ ἀναμένουν βελτίωσιν τῶν τιμῶν.

ΣΥΝΔΕΣΜΟΣ ΚΑΠΝΕΜΠΟΡΩΝ

ΑΘΗΝΑΙ, 6.— Ὁ σύνδεσμος καπνεμπόρων ἐξέδωσεν ἀνακοίνωσιν.

ΑΘΗΝΑΙ, 6.— Ὁ σύνδεσμος καπνεμπόρων ἐξέδωσεν ἀνακοίνωσιν.

ΣΥΜΦΩΝΙΑ ΑΔΕΔΥ ΚΑΙ ΟΜΟΣΠΟΝΔΙΑΣ ΤΡΑΠΕΖΙΚΩΝ ΥΠΑΛΛΗΛΩΝ

ΑΘΗΝΑΙ, 6.— Ὑπεγράφη συμφωνία μεταξὺ ΑΔΕΔΥ καὶ Ὁμοσπονδίας Τραπεζικῶν Ὑπαλλήλων.

ΑΘΗΝΑΙ, 6.— Ὑπεγράφη συμφωνία μεταξὺ ΑΔΕΔΥ καὶ Ὁμοσπονδίας Τραπεζικῶν Ὑπαλλήλων.

ΑΦΟΥ ΤΑΣ ΒΙΑΣΗ ΤΑΣ ΠΑΡΑΚΑΛΕ ΝΑ ΤΟΝ ΠΥΡΟΒΟΛΗΣΟΥΝ

ΣΙΚΑΓΟΝ, 6 (Ἀσ. Πρέ).— Παράδοξον περιστατικὸν ἐσημειώθη εἰς τὴν πόλιν.

ΣΙΚΑΓΟΝ, 6 (Ἀσ. Πρέ).— Παράδοξον περιστατικὸν ἐσημειώθη εἰς τὴν πόλιν.

ΤΟΥΡΚΙΚΟΝ ΠΛΟΙΟΝ ΕΙΣ ΠΛΕΙΣΤΗΡΙΑΣΜΟΝ

ΝΟΡΦΟΛΚ, 6 (Ἀσ. Πρέ).— Τουρκικὸν πλοῖον θὰ ἐκτεθῇ εἰς πλειστηριασμόν.

ΝΟΡΦΟΛΚ, 6 (Ἀσ. Πρέ).— Τουρκικὸν πλοῖον θὰ ἐκτεθῇ εἰς πλειστηριασμόν.

ΕΜΑΖΕΥΑΝ ΕΠΙ ΩΡΑΣ ΔΟΛΛΑΡΙΑ ΕΙΣ ΤΟΝ ΔΡΟΜΟΝ !

ΜΠΡΟΥΚΛΙΝ, 6 (Ἀσ. Πρέ).— Ἀσυνήθιστον θέαμα παρουσιάσθη εἰς τὴν ὁδόν, ὅταν ἀπὸ θραῦσιν θυρίδος θωρακισμένου αὐτοκινήτου διεσκορπίσθησαν χαρτονομίσματα.

ΜΠΡΟΥΚΛΙΝ, 6 (Ἀσ. Πρέ).— Ἀσυνήθιστον θέαμα παρουσιάσθη εἰς τὴν ὁδόν, ὅταν ἀπὸ θραῦσιν θυρίδος θωρακισμένου αὐτοκινήτου διεσκορπίσθησαν χαρτονομίσματα.

ΤΟ ΤΑΞΙΔΙΟΝ ΤΟΥ ΠΡΟΕΔΡΟΥ ΤΗΣ ΒΟΥΛΗΣ ΕΙΣ ΘΕΣ/ΝΙΚΗΝ
ΣΥΝΕΧΕΙΑ

Ὁ πρόεδρος τῆς Βουλῆς ἔφθασεν εἰς Θεσσαλονίκην ὅπου ἐγένετο δεκτὸς ὑπὸ τῶν ἀρχῶν. Θὰ ἐπισκεφθῇ τὰ Πανεπιστήμια καὶ τὰ ἱδρύματα τῆς πόλεως.

ΟΙ ΟΜΟΓΚΟΣΛΑΒΟΙ

Ὁ πρόεδρος τῆς Βουλῆς ἔφθασεν εἰς Θεσσαλονίκην ὅπου ἐγένετο δεκτὸς ὑπὸ τῶν ἀρχῶν. Θὰ ἐπισκεφθῇ τὰ Πανεπιστήμια καὶ τὰ ἱδρύματα τῆς πόλεως.

Ὁ πρόεδρος τῆς Βουλῆς ἔφθασεν εἰς Θεσσαλονίκην ὅπου ἐγένετο δεκτὸς ὑπὸ τῶν ἀρχῶν. Θὰ ἐπισκεφθῇ τὰ Πανεπιστήμια καὶ τὰ ἱδρύματα τῆς πόλεως.

Ο Κ. ΡΟΔΟΠΟΥΛΟΣ ΕΙΣ ΑΘΗΝΑΣ

Ὁ πρόεδρος τῆς Βουλῆς ἔφθασεν εἰς Θεσσαλονίκην ὅπου ἐγένετο δεκτὸς ὑπὸ τῶν ἀρχῶν. Θὰ ἐπισκεφθῇ τὰ Πανεπιστήμια καὶ τὰ ἱδρύματα τῆς πόλεως.
